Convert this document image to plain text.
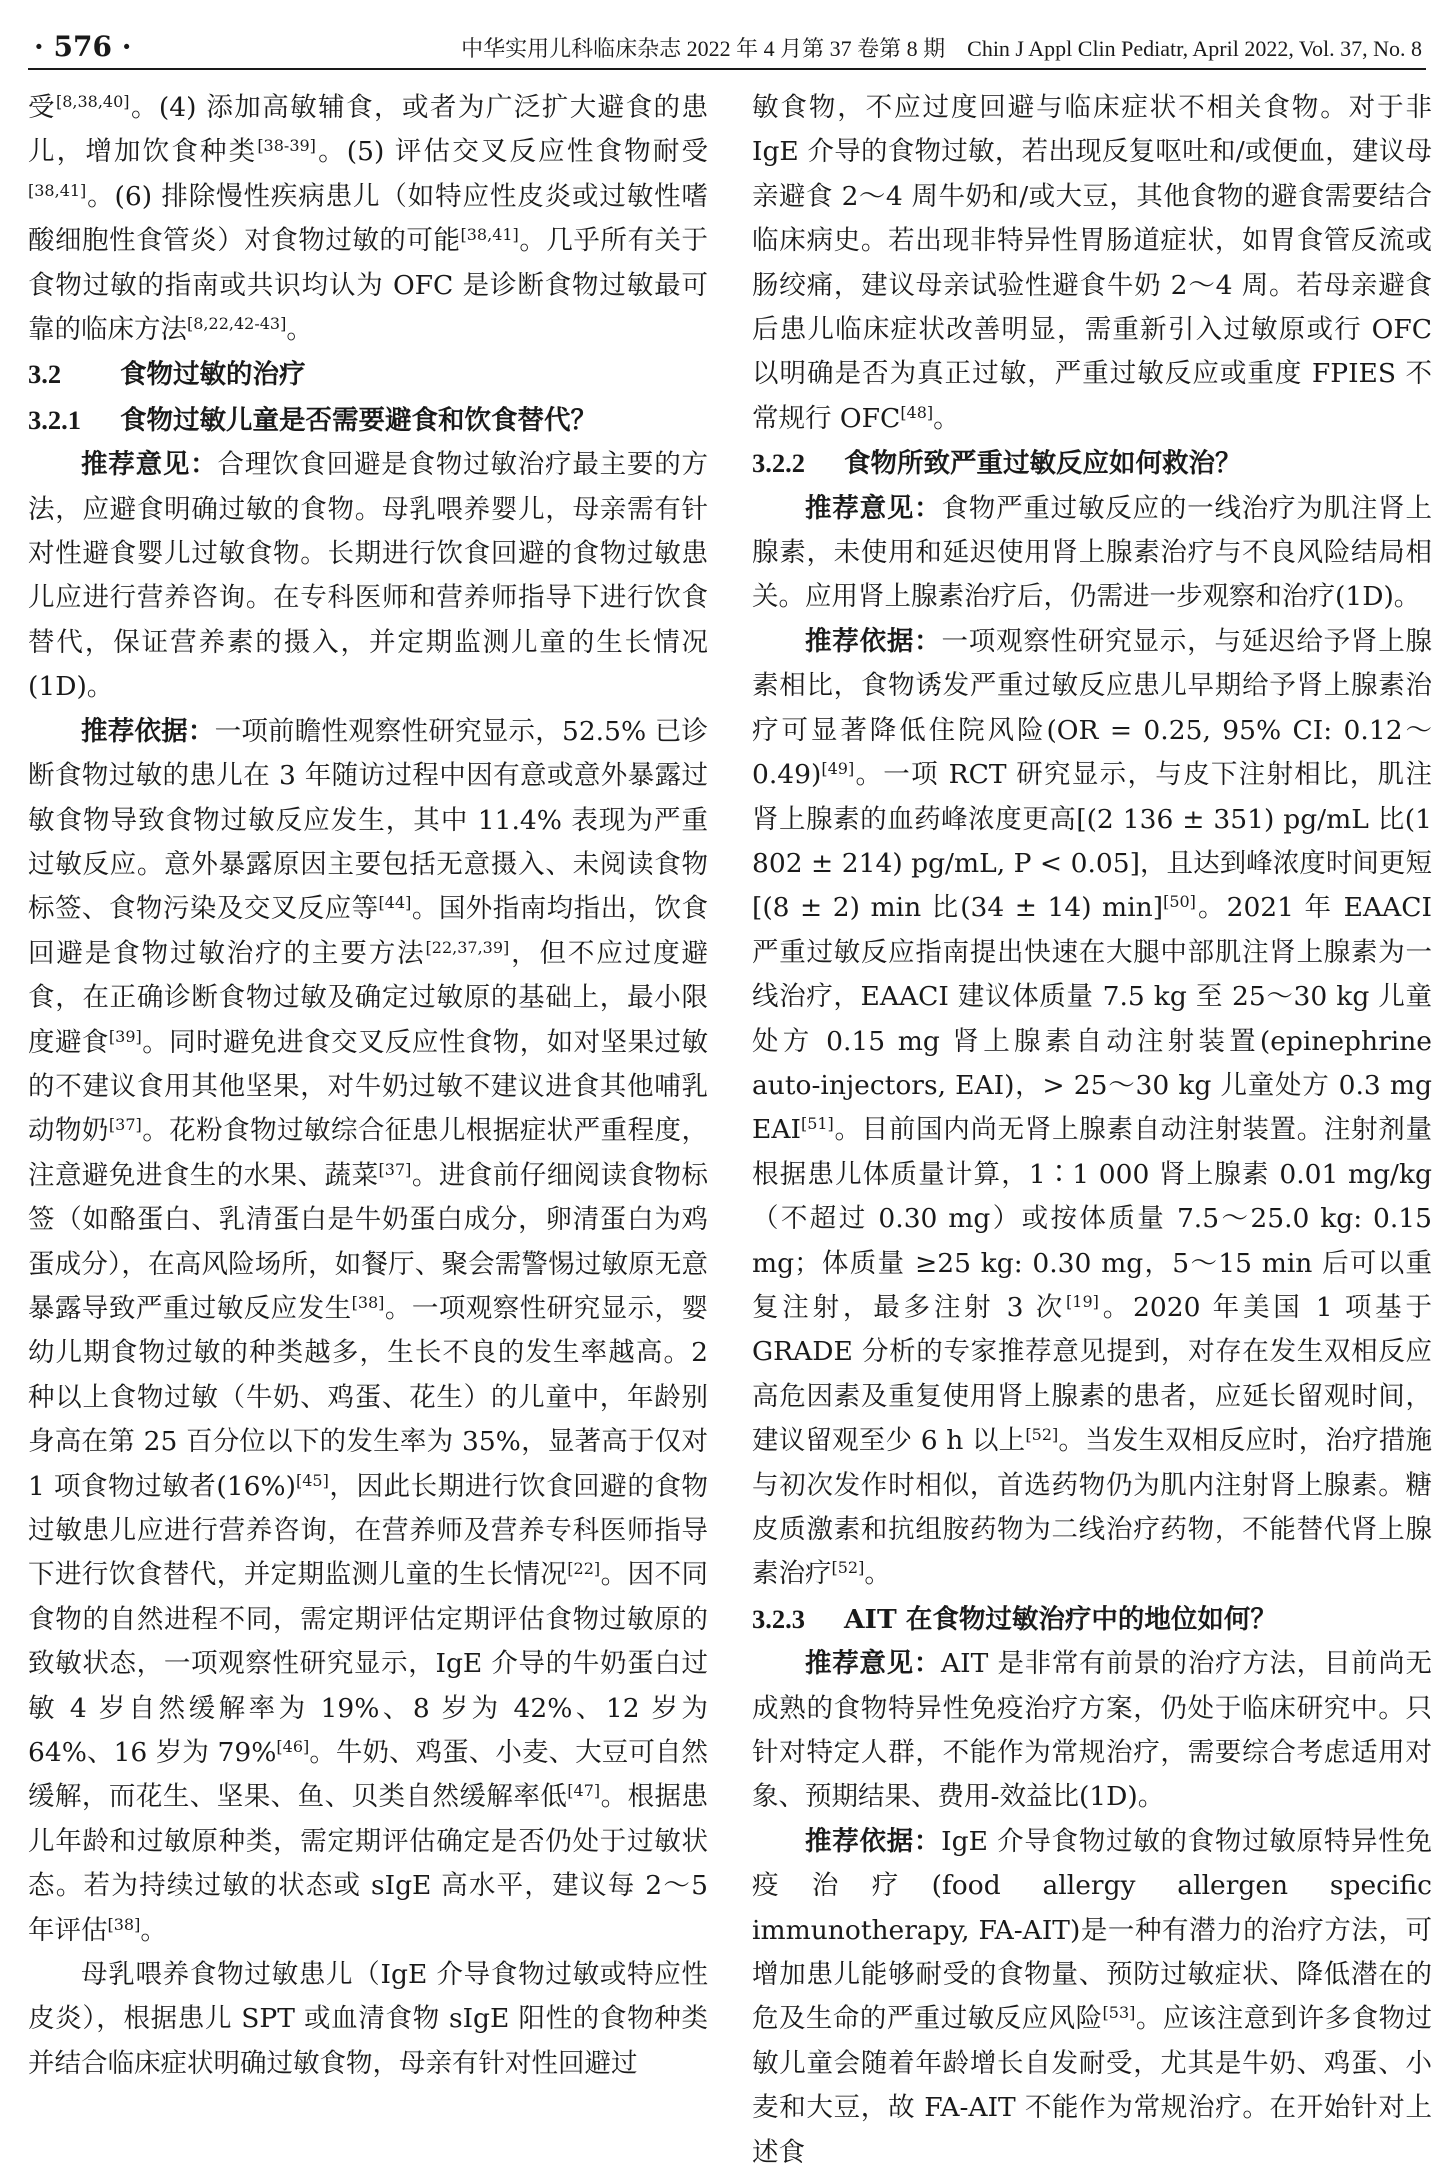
· 576 ·	中华实用儿科临床杂志 2022 年 4 月第 37 卷第 8 期　Chin J Appl Clin Pediatr, April 2022, Vol. 37, No. 8

受[8,38,40]。(4) 添加高敏辅食，或者为广泛扩大避食的患儿，增加饮食种类[38-39]。(5) 评估交叉反应性食物耐受[38,41]。(6) 排除慢性疾病患儿（如特应性皮炎或过敏性嗜酸细胞性食管炎）对食物过敏的可能[38,41]。几乎所有关于食物过敏的指南或共识均认为 OFC 是诊断食物过敏最可靠的临床方法[8,22,42-43]。

3.2 食物过敏的治疗
3.2.1 食物过敏儿童是否需要避食和饮食替代？

推荐意见：合理饮食回避是食物过敏治疗最主要的方法，应避食明确过敏的食物。母乳喂养婴儿，母亲需有针对性避食婴儿过敏食物。长期进行饮食回避的食物过敏患儿应进行营养咨询。在专科医师和营养师指导下进行饮食替代，保证营养素的摄入，并定期监测儿童的生长情况(1D)。

推荐依据：一项前瞻性观察性研究显示，52.5% 已诊断食物过敏的患儿在 3 年随访过程中因有意或意外暴露过敏食物导致食物过敏反应发生，其中 11.4% 表现为严重过敏反应。意外暴露原因主要包括无意摄入、未阅读食物标签、食物污染及交叉反应等[44]。国外指南均指出，饮食回避是食物过敏治疗的主要方法[22,37,39]，但不应过度避食，在正确诊断食物过敏及确定过敏原的基础上，最小限度避食[39]。同时避免进食交叉反应性食物，如对坚果过敏的不建议食用其他坚果，对牛奶过敏不建议进食其他哺乳动物奶[37]。花粉食物过敏综合征患儿根据症状严重程度，注意避免进食生的水果、蔬菜[37]。进食前仔细阅读食物标签（如酪蛋白、乳清蛋白是牛奶蛋白成分，卵清蛋白为鸡蛋成分），在高风险场所，如餐厅、聚会需警惕过敏原无意暴露导致严重过敏反应发生[38]。一项观察性研究显示，婴幼儿期食物过敏的种类越多，生长不良的发生率越高。2 种以上食物过敏（牛奶、鸡蛋、花生）的儿童中，年龄别身高在第 25 百分位以下的发生率为 35%，显著高于仅对 1 项食物过敏者(16%)[45]，因此长期进行饮食回避的食物过敏患儿应进行营养咨询，在营养师及营养专科医师指导下进行饮食替代，并定期监测儿童的生长情况[22]。因不同食物的自然进程不同，需定期评估定期评估食物过敏原的致敏状态，一项观察性研究显示，IgE 介导的牛奶蛋白过敏 4 岁自然缓解率为 19%、8 岁为 42%、12 岁为 64%、16 岁为 79%[46]。牛奶、鸡蛋、小麦、大豆可自然缓解，而花生、坚果、鱼、贝类自然缓解率低[47]。根据患儿年龄和过敏原种类，需定期评估确定是否仍处于过敏状态。若为持续过敏的状态或 sIgE 高水平，建议每 2～5 年评估[38]。

母乳喂养食物过敏患儿（IgE 介导食物过敏或特应性皮炎），根据患儿 SPT 或血清食物 sIgE 阳性的食物种类并结合临床症状明确过敏食物，母亲有针对性回避过

敏食物，不应过度回避与临床症状不相关食物。对于非 IgE 介导的食物过敏，若出现反复呕吐和/或便血，建议母亲避食 2～4 周牛奶和/或大豆，其他食物的避食需要结合临床病史。若出现非特异性胃肠道症状，如胃食管反流或肠绞痛，建议母亲试验性避食牛奶 2～4 周。若母亲避食后患儿临床症状改善明显，需重新引入过敏原或行 OFC 以明确是否为真正过敏，严重过敏反应或重度 FPIES 不常规行 OFC[48]。

3.2.2 食物所致严重过敏反应如何救治？

推荐意见：食物严重过敏反应的一线治疗为肌注肾上腺素，未使用和延迟使用肾上腺素治疗与不良风险结局相关。应用肾上腺素治疗后，仍需进一步观察和治疗(1D)。

推荐依据：一项观察性研究显示，与延迟给予肾上腺素相比，食物诱发严重过敏反应患儿早期给予肾上腺素治疗可显著降低住院风险(OR = 0.25, 95% CI: 0.12～0.49)[49]。一项 RCT 研究显示，与皮下注射相比，肌注肾上腺素的血药峰浓度更高[(2 136 ± 351) pg/mL 比(1 802 ± 214) pg/mL, P < 0.05]，且达到峰浓度时间更短[(8 ± 2) min 比(34 ± 14) min][50]。2021 年 EAACI 严重过敏反应指南提出快速在大腿中部肌注肾上腺素为一线治疗，EAACI 建议体质量 7.5 kg 至 25～30 kg 儿童处方 0.15 mg 肾上腺素自动注射装置(epinephrine auto-injectors, EAI)，> 25～30 kg 儿童处方 0.3 mg EAI[51]。目前国内尚无肾上腺素自动注射装置。注射剂量根据患儿体质量计算，1∶1 000 肾上腺素 0.01 mg/kg（不超过 0.30 mg）或按体质量 7.5～25.0 kg: 0.15 mg；体质量 ≥25 kg: 0.30 mg，5～15 min 后可以重复注射，最多注射 3 次[19]。2020 年美国 1 项基于 GRADE 分析的专家推荐意见提到，对存在发生双相反应高危因素及重复使用肾上腺素的患者，应延长留观时间，建议留观至少 6 h 以上[52]。当发生双相反应时，治疗措施与初次发作时相似，首选药物仍为肌内注射肾上腺素。糖皮质激素和抗组胺药物为二线治疗药物，不能替代肾上腺素治疗[52]。

3.2.3 AIT 在食物过敏治疗中的地位如何？

推荐意见：AIT 是非常有前景的治疗方法，目前尚无成熟的食物特异性免疫治疗方案，仍处于临床研究中。只针对特定人群，不能作为常规治疗，需要综合考虑适用对象、预期结果、费用-效益比(1D)。

推荐依据：IgE 介导食物过敏的食物过敏原特异性免疫治疗(food allergy allergen specific immunotherapy, FA-AIT)是一种有潜力的治疗方法，可增加患儿能够耐受的食物量、预防过敏症状、降低潜在的危及生命的严重过敏反应风险[53]。应该注意到许多食物过敏儿童会随着年龄增长自发耐受，尤其是牛奶、鸡蛋、小麦和大豆，故 FA-AIT 不能作为常规治疗。在开始针对上述食
